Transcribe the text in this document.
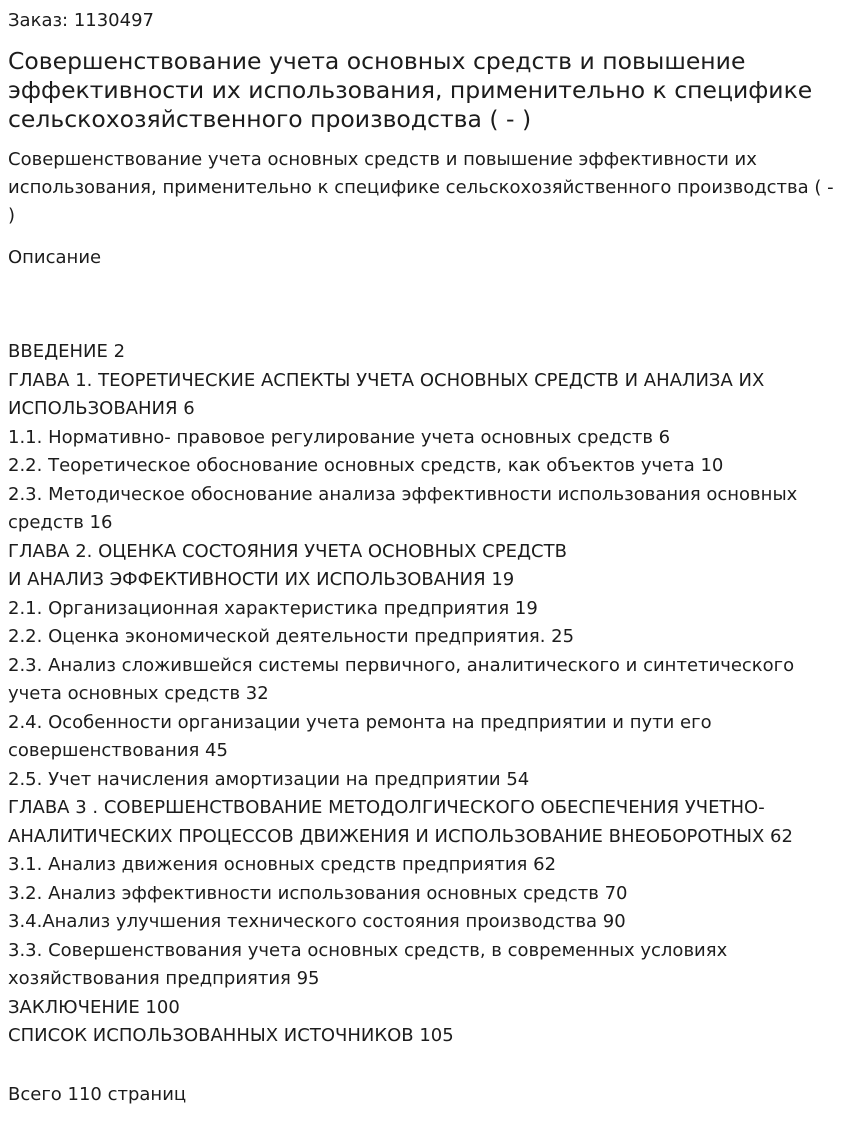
Заказ: 1130497

Совершенствование учета основных средств и повышение эффективности их использования, применительно к специфике сельскохозяйственного производства ( - )

Совершенствование учета основных средств и повышение эффективности их использования, применительно к специфике сельскохозяйственного производства ( - )

Описание

ВВЕДЕНИЕ 2
ГЛАВА 1. ТЕОРЕТИЧЕСКИЕ АСПЕКТЫ УЧЕТА ОСНОВНЫХ СРЕДСТВ И АНАЛИЗА ИХ ИСПОЛЬЗОВАНИЯ 6
1.1. Нормативно- правовое регулирование учета основных средств 6
2.2. Теоретическое обоснование основных средств, как объектов учета 10
2.3. Методическое обоснование анализа эффективности использования основных средств 16
ГЛАВА 2. ОЦЕНКА СОСТОЯНИЯ УЧЕТА ОСНОВНЫХ СРЕДСТВ
И АНАЛИЗ ЭФФЕКТИВНОСТИ ИХ ИСПОЛЬЗОВАНИЯ 19
2.1. Организационная характеристика предприятия 19
2.2. Оценка экономической деятельности предприятия. 25
2.3. Анализ сложившейся системы первичного, аналитического и синтетического учета основных средств 32
2.4. Особенности организации учета ремонта на предприятии и пути его совершенствования 45
2.5. Учет начисления амортизации на предприятии 54
ГЛАВА 3 . СОВЕРШЕНСТВОВАНИЕ МЕТОДОЛГИЧЕСКОГО ОБЕСПЕЧЕНИЯ УЧЕТНО-АНАЛИТИЧЕСКИХ ПРОЦЕССОВ ДВИЖЕНИЯ И ИСПОЛЬЗОВАНИЕ ВНЕОБОРОТНЫХ 62
3.1. Анализ движения основных средств предприятия 62
3.2. Анализ эффективности использования основных средств 70
3.4.Анализ улучшения технического состояния производства 90
3.3. Совершенствования учета основных средств, в современных условиях хозяйствования предприятия 95
ЗАКЛЮЧЕНИЕ 100
СПИСОК ИСПОЛЬЗОВАННЫХ ИСТОЧНИКОВ 105

Всего 110 страниц
